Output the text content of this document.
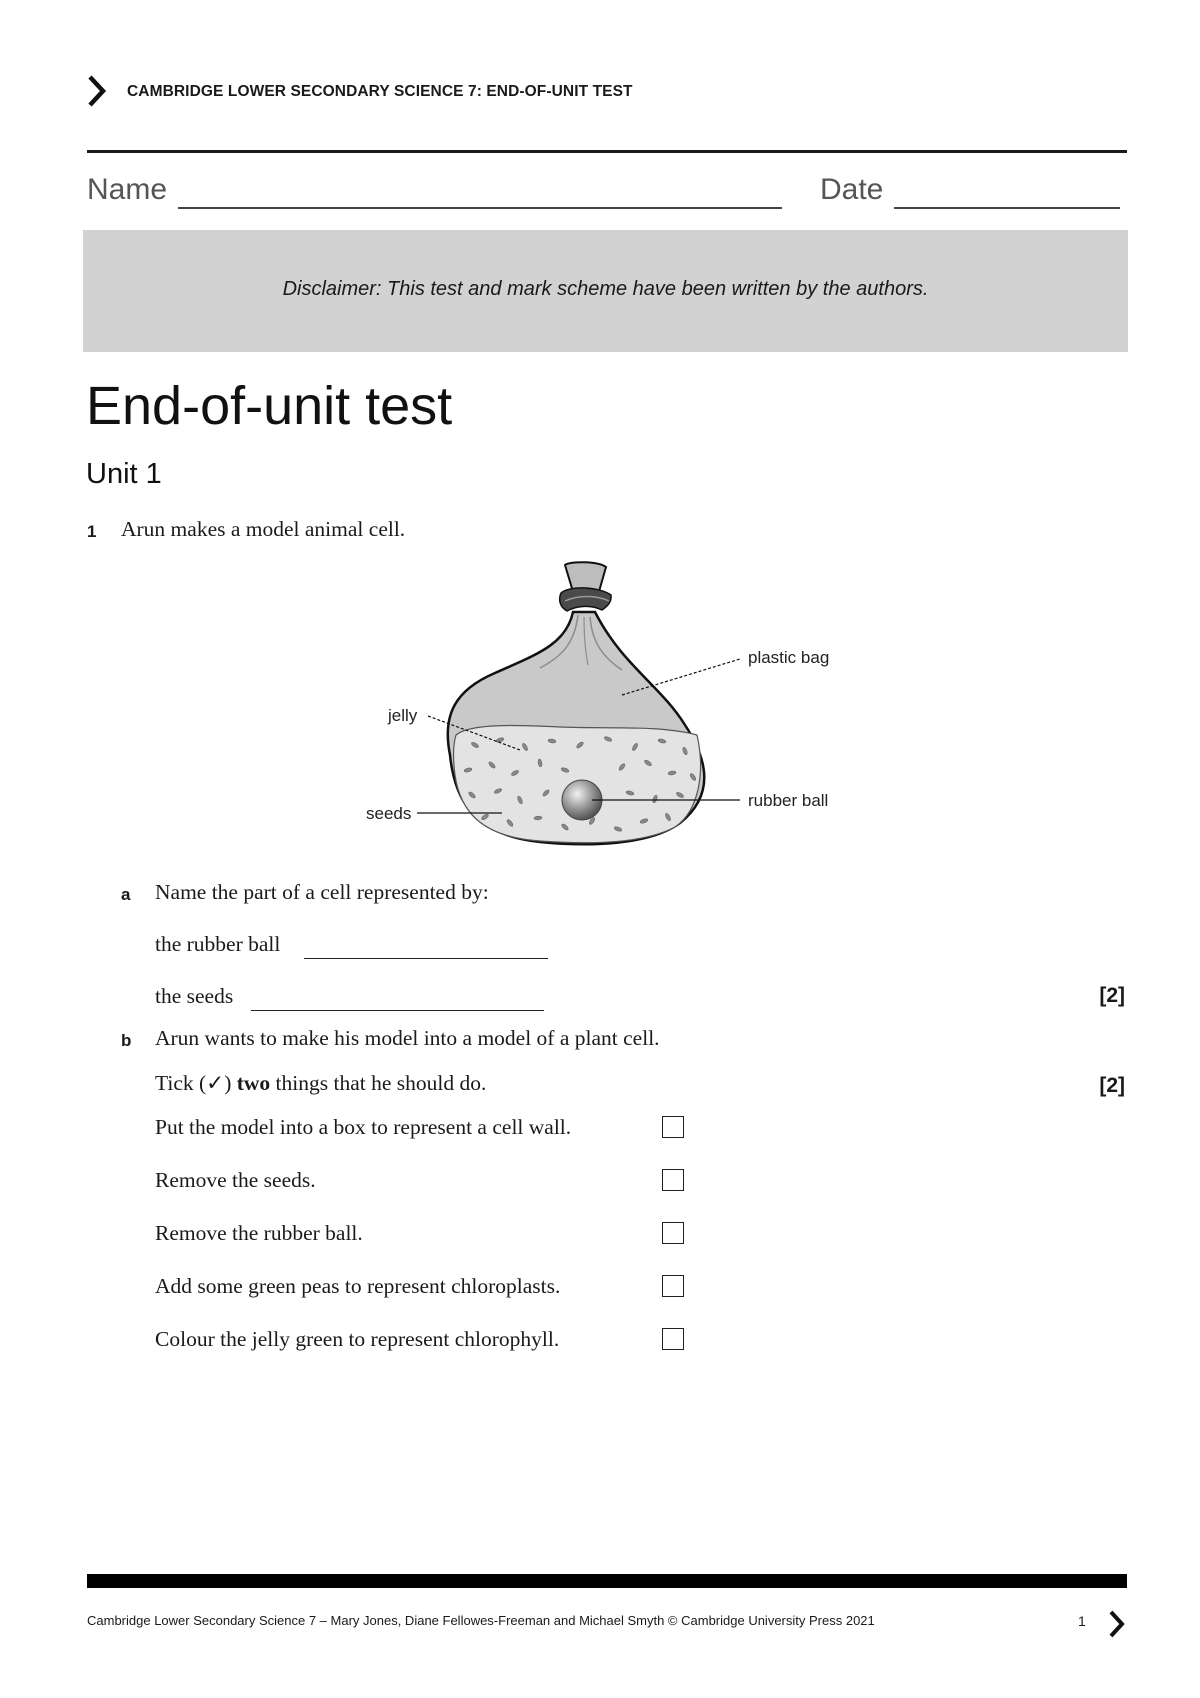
CAMBRIDGE LOWER SECONDARY SCIENCE 7: END-OF-UNIT TEST
Name	Date
Disclaimer: This test and mark scheme have been written by the authors.
End-of-unit test
Unit 1
1 Arun makes a model animal cell.
plastic bag
jelly
seeds
rubber ball
a Name the part of a cell represented by:
the rubber ball
the seeds	[2]
b Arun wants to make his model into a model of a plant cell.
Tick (✓) two things that he should do.	[2]
Put the model into a box to represent a cell wall.
Remove the seeds.
Remove the rubber ball.
Add some green peas to represent chloroplasts.
Colour the jelly green to represent chlorophyll.
Cambridge Lower Secondary Science 7 – Mary Jones, Diane Fellowes-Freeman and Michael Smyth © Cambridge University Press 2021	1
